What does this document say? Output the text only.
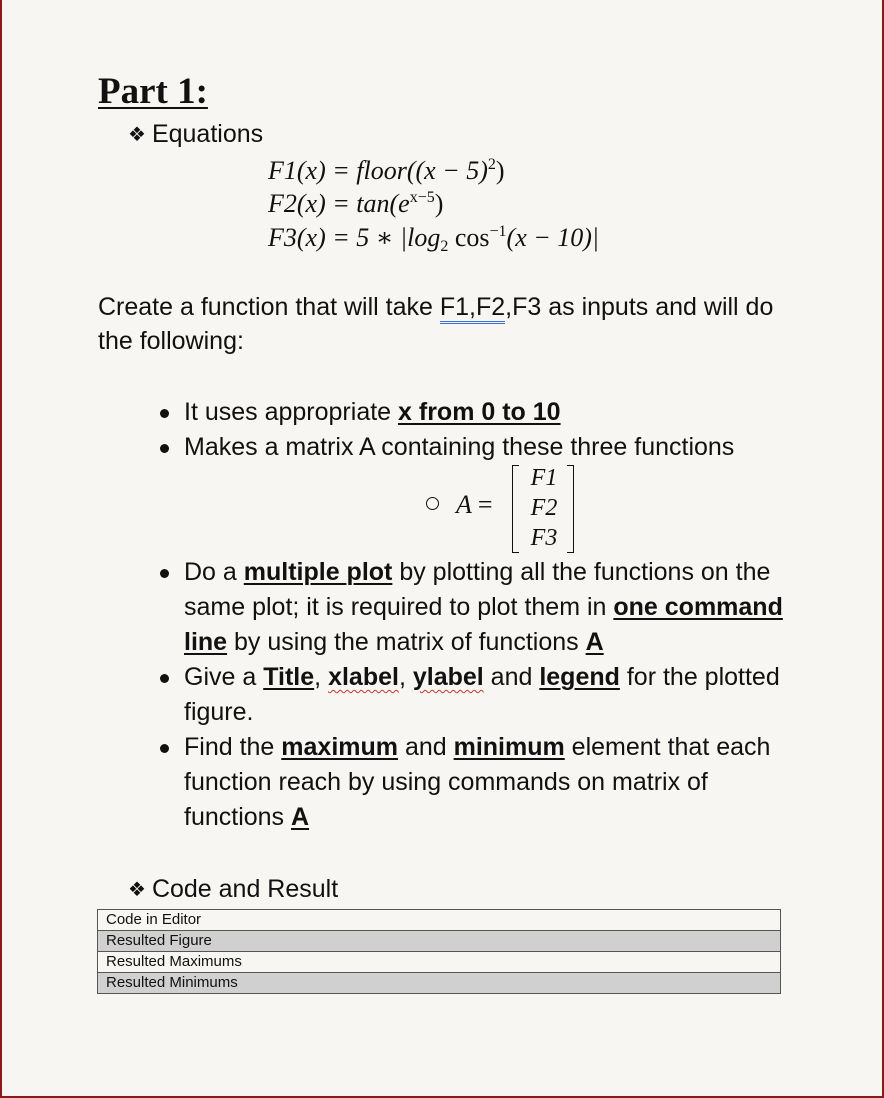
Part 1:
❖ Equations
F1(x) = floor((x − 5)$^2$)
$F2(x) = \tan(e^{x-5})$
F3(x) = 5 ∗ $|\log_2$ $\cos^{-1}(x - 10)|$
Create a function that will take F1,F2,F3 as inputs and will do the following:
It uses appropriate x from 0 to 10
Makes a matrix A containing these three functions
A =
F1
F2
F3
Do a multiple plot by plotting all the functions on the same plot; it is required to plot them in one command line by using the matrix of functions A
Give a Title, xlabel, ylabel and legend for the plotted figure.
Find the maximum and minimum element that each function reach by using commands on matrix of functions A
❖ Code and Result
Code in Editor
Resulted Figure
Resulted Maximums
Resulted Minimums
